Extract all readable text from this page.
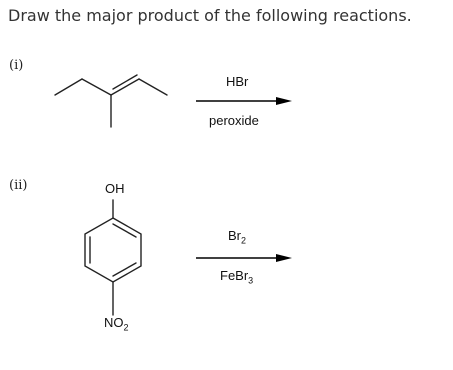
Draw the major product of the following reactions.
(i)
(ii)
HBr
peroxide
OH
$NO_2$
$Br_2$
FeBr$_3$
